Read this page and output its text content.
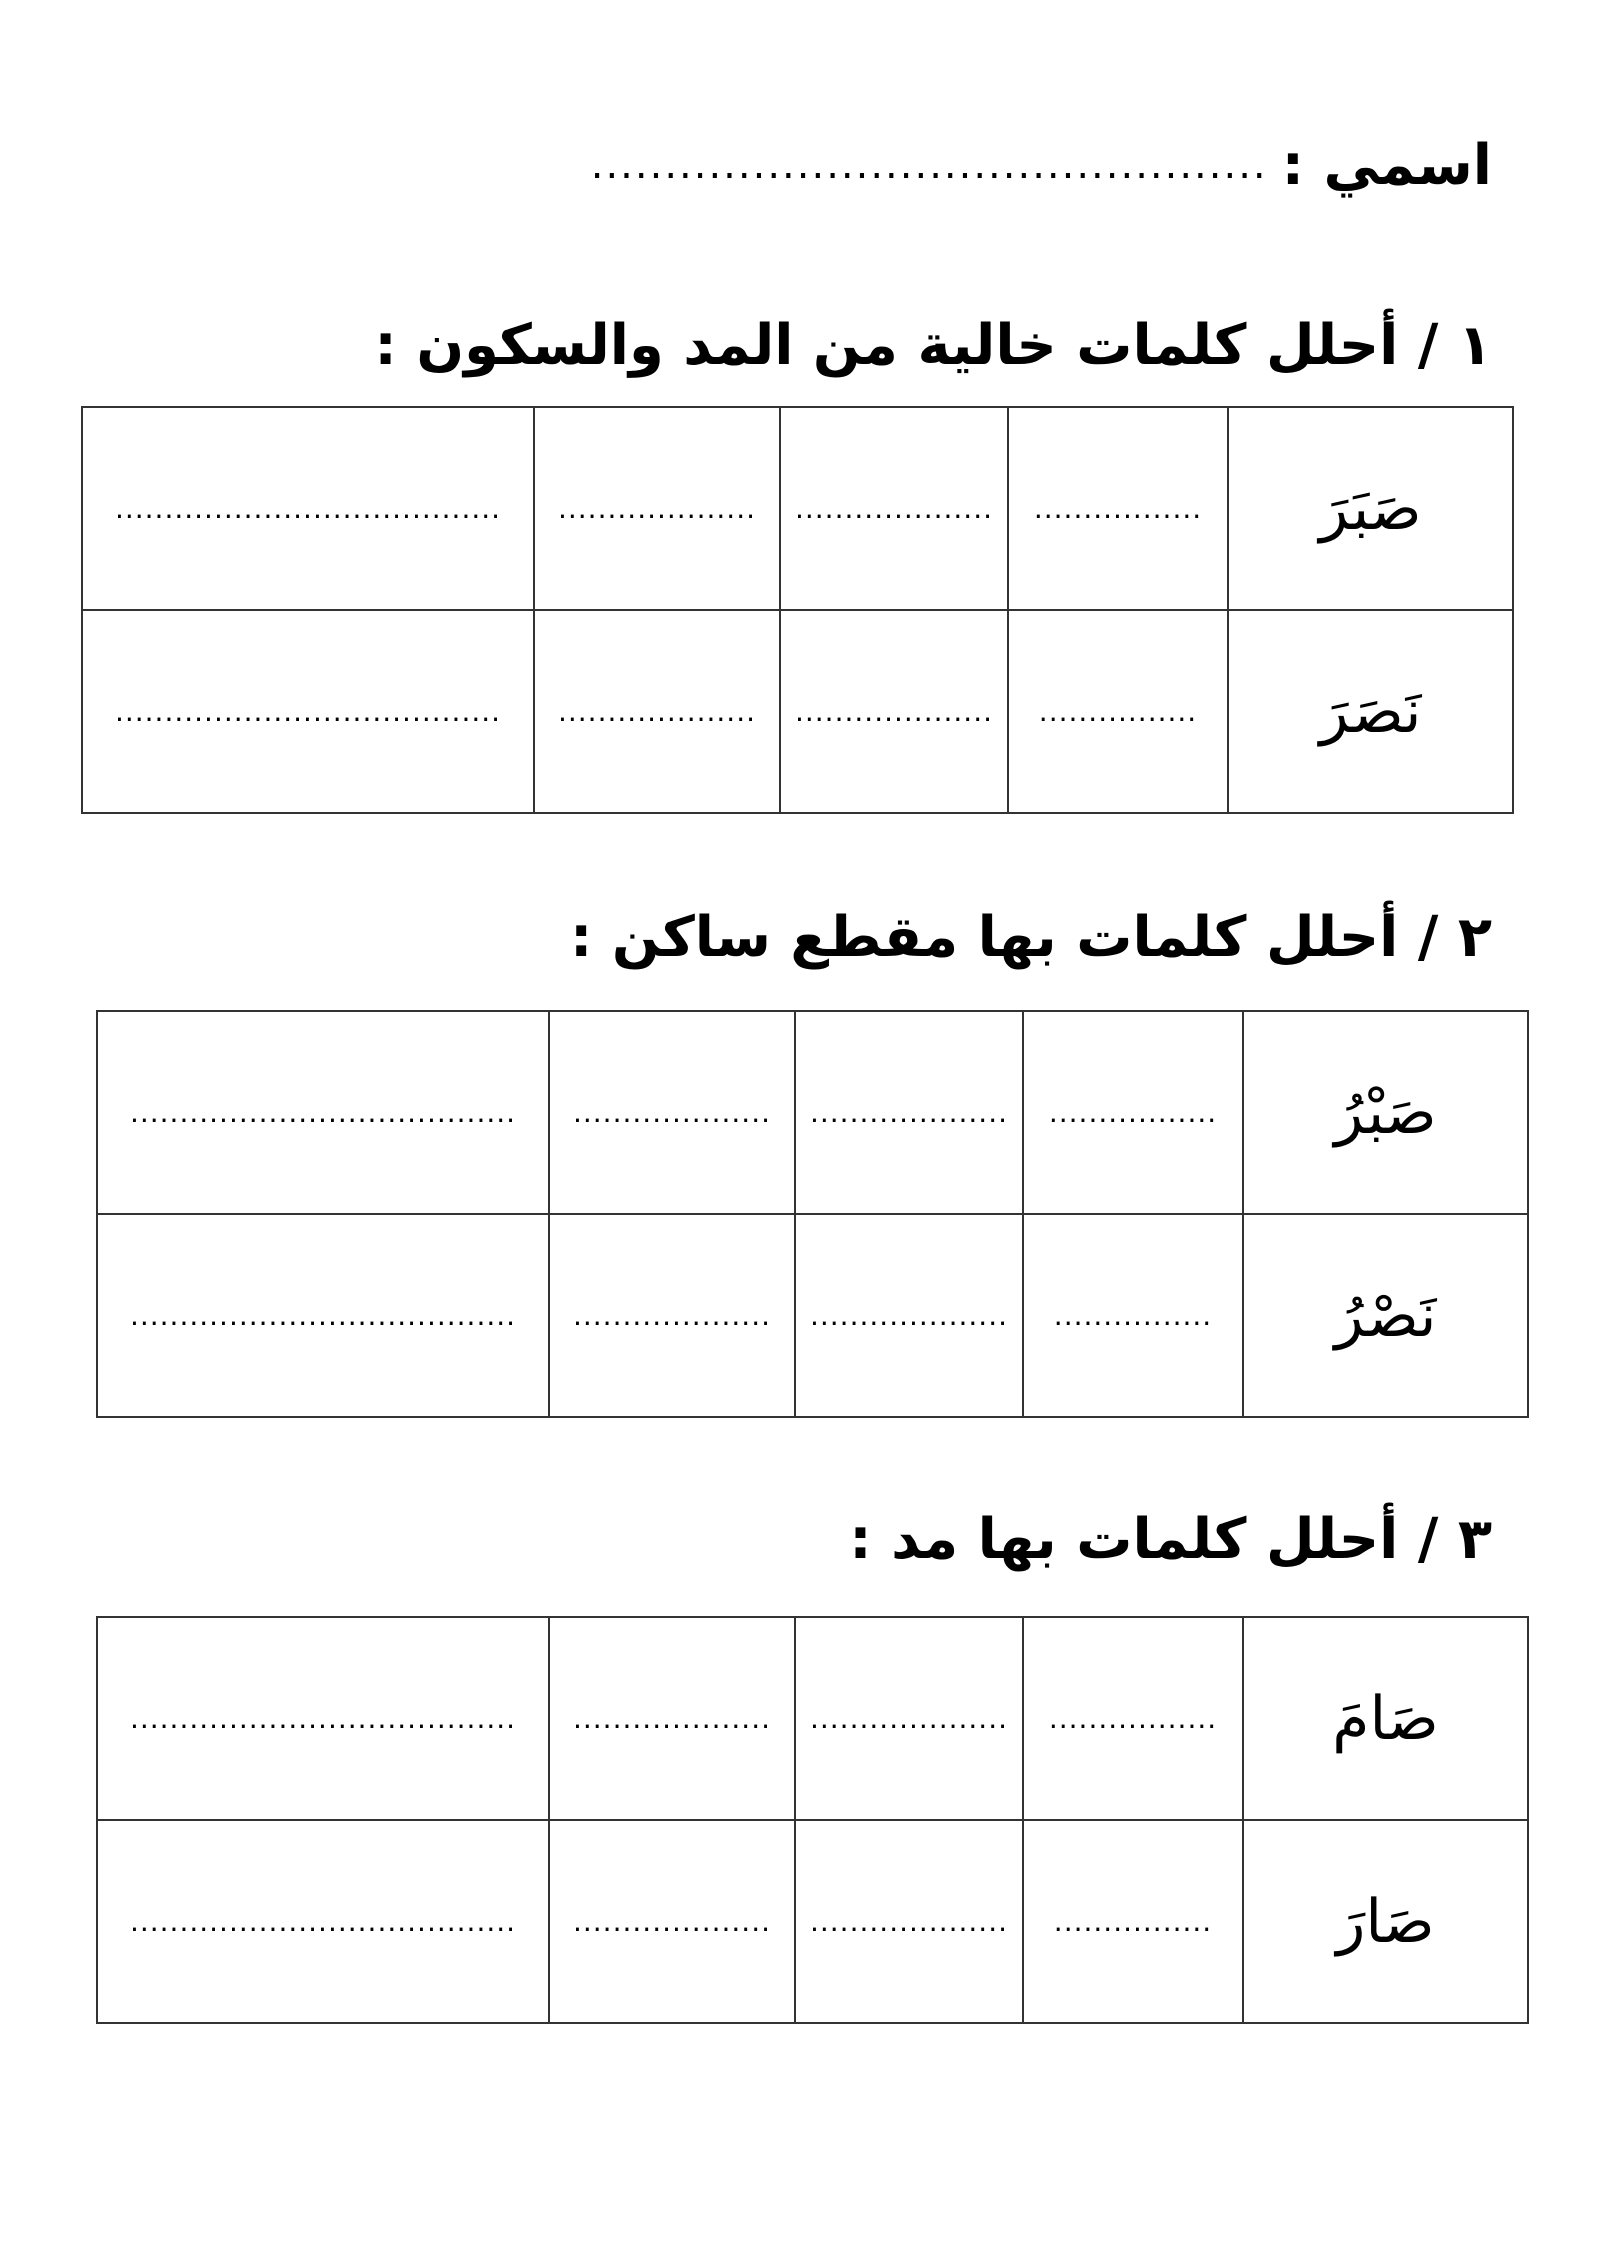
اسمي :
..............................................
١ / أحلل كلمات خالية من المد والسكون :
صَبَرَ	.................	....................	....................	.......................................
نَصَرَ	................	....................	....................	.......................................
٢ / أحلل كلمات بها مقطع ساكن :
صَبْرُ	.................	....................	....................	.......................................
نَصْرُ	................	....................	....................	.......................................
٣ / أحلل كلمات بها مد :
صَامَ	.................	....................	....................	.......................................
صَارَ	................	....................	....................	.......................................
